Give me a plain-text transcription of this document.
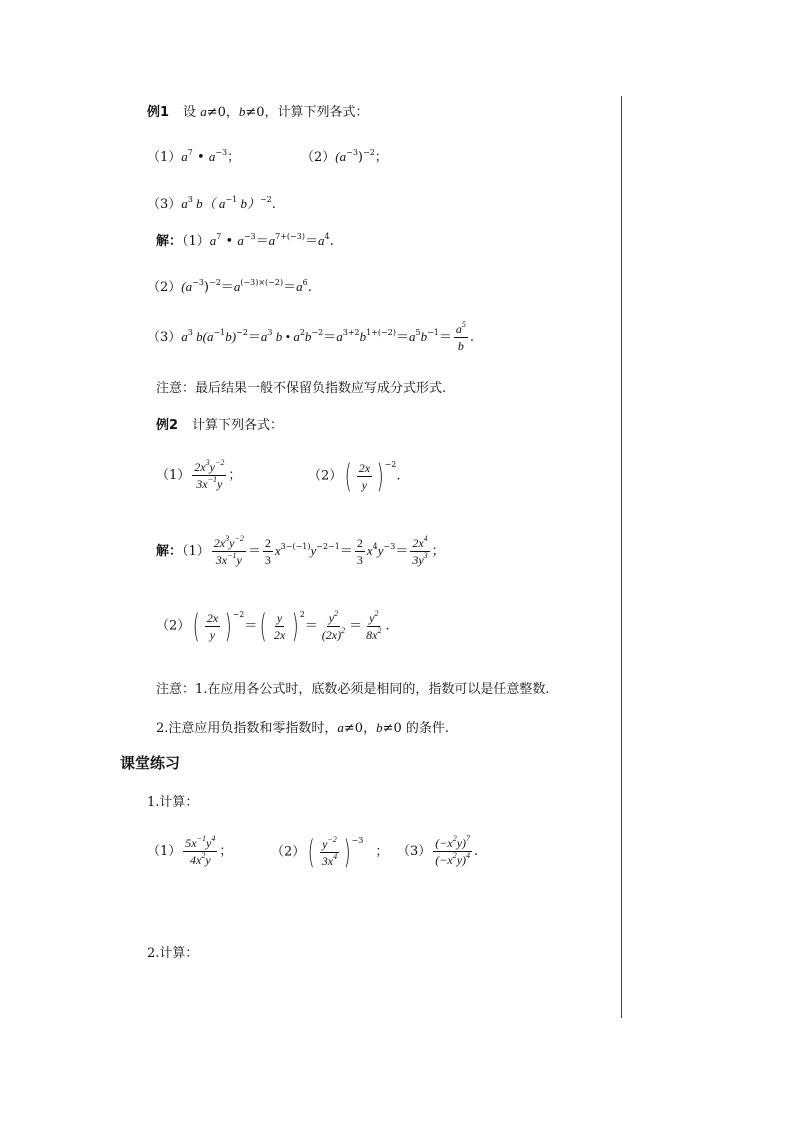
例1 设 a≠0，b≠0，计算下列各式：
$(1)a^7$ • $a^{-3}$；	$(2)(a^{-3})^{-2}$；
$(3)a^3$ b（ $a^{-1}$ b）$^{-2}$.
解：$(1)a^7$ • $a^{-3}=a^{7+(-3)}=a^4$.
$(2)(a^{-3})^{-2}=a^{(-3)\times(-2)}=a^6$.
$(3)a^3$ $b(a^{-1}b)^{-2}=a^3$ b • $a^2b^{-2}=a^{3+2}b^{1+(-2)}=a^5b^{-1}= \frac{a^5}{b}$ .
注意：最后结果一般不保留负指数应写成分式形式.
例2 计算下列各式：
$(1) \frac{2x^3y^{-2}}{3x^{-1}y}$ ；	（2） ( $\frac{2x}{y}$ ) −2
.
解：$(1) \frac{2x^3y^{-2}}{3x^{-1}y} = \frac{2}{3} x^{3-(-1)}y^{-2-1}= \frac{2}{3} x^4y^{-3}= \frac{2x^4}{3y^3}$ ；
（2） ( $\frac{2x}{y}$ ) −2
＝ ( $\frac{y}{2x}$ ) 2
＝ $\frac{y^2}{(2x)^2} = \frac{y^2}{8x^2}$ .
注意：1.在应用各公式时，底数必须是相同的，指数可以是任意整数.
2.注意应用负指数和零指数时，a≠0，b≠0 的条件.
课堂练习
1.计算：
$(1) \frac{5x^{-1}y^4}{4x^2y}$ ；	（2） ( $\frac{y^{-2}}{3x^4}$ ) −3
； $(3) \frac{(-x^2y)^7}{(-x^2y)^4}$ .
2.计算：
